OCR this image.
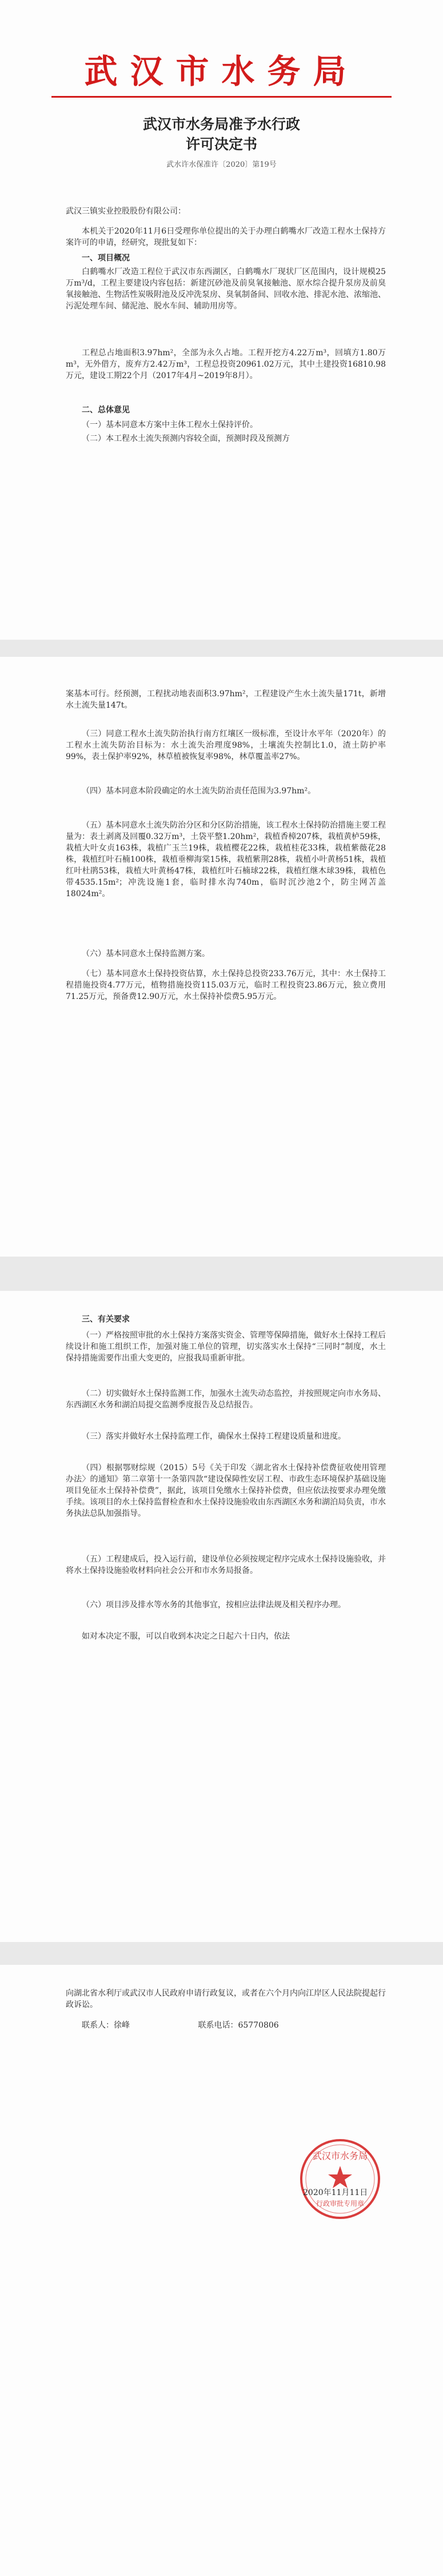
武汉市水务局
武汉市水务局准予水行政
许可决定书
武水许水保准许〔2020〕第19号
武汉三镇实业控股股份有限公司：
本机关于2020年11月6日受理你单位提出的关于办理白鹤嘴水厂改造工程水土保持方案许可的申请，经研究，现批复如下：
一、项目概况
白鹤嘴水厂改造工程位于武汉市东西湖区，白鹤嘴水厂现状厂区范围内，设计规模25万m³/d，工程主要建设内容包括：新建沉砂池及前臭氧接触池、原水综合提升泵房及前臭氧接触池、生物活性炭吸附池及反冲洗泵房、臭氧制备间、回收水池、排泥水池、浓缩池、污泥处理车间、储泥池、脱水车间、辅助用房等。
工程总占地面积3.97hm²，全部为永久占地。工程开挖方4.22万m³，回填方1.80万m³，无外借方，废弃方2.42万m³，工程总投资20961.02万元，其中土建投资16810.98万元，建设工期22个月（2017年4月~2019年8月）。
二、总体意见
（一）基本同意本方案中主体工程水土保持评价。
（二）本工程水土流失预测内容较全面，预测时段及预测方
案基本可行。经预测，工程扰动地表面积3.97hm²，工程建设产生水土流失量171t，新增水土流失量147t。
（三）同意工程水土流失防治执行南方红壤区一级标准，至设计水平年（2020年）的工程水土流失防治目标为：水土流失治理度98%，土壤流失控制比1.0，渣土防护率99%，表土保护率92%，林草植被恢复率98%，林草覆盖率27%。
（四）基本同意本阶段确定的水土流失防治责任范围为3.97hm²。
（五）基本同意水土流失防治分区和分区防治措施，该工程水土保持防治措施主要工程量为：表土剥离及回覆0.32万m³，土袋平整1.20hm²，栽植香樟207株，栽植黄栌59株，栽植大叶女贞163株，栽植广玉兰19株，栽植樱花22株，栽植桂花33株，栽植紫薇花28株，栽植红叶石楠100株，栽植垂柳海棠15株，栽植紫荆28株，栽植小叶黄杨51株，栽植红叶杜鹃53株，栽植大叶黄杨47株，栽植红叶石楠球22株，栽植红继木球39株，栽植色带4535.15m²；冲洗设施1套，临时排水沟740m，临时沉沙池2个，防尘网苫盖18024m²。
（六）基本同意水土保持监测方案。
（七）基本同意水土保持投资估算，水土保持总投资233.76万元，其中：水土保持工程措施投资4.77万元，植物措施投资115.03万元，临时工程投资23.86万元，独立费用71.25万元，预备费12.90万元，水土保持补偿费5.95万元。
三、有关要求
（一）严格按照审批的水土保持方案落实资金、管理等保障措施，做好水土保持工程后续设计和施工组织工作，加强对施工单位的管理，切实落实水土保持“三同时”制度，水土保持措施需要作出重大变更的，应报我局重新审批。
（二）切实做好水土保持监测工作，加强水土流失动态监控，并按照规定向市水务局、东西湖区水务和湖泊局提交监测季度报告及总结报告。
（三）落实并做好水土保持监理工作，确保水土保持工程建设质量和进度。
（四）根据鄂财综规（2015）5号《关于印发〈湖北省水土保持补偿费征收使用管理办法〉的通知》第二章第十一条第四款“建设保障性安居工程、市政生态环境保护基础设施项目免征水土保持补偿费”，据此，该项目免缴水土保持补偿费，但应依法按要求办理免缴手续。该项目的水土保持监督检查和水土保持设施验收由东西湖区水务和湖泊局负责，市水务执法总队加强指导。
（五）工程建成后，投入运行前，建设单位必须按规定程序完成水土保持设施验收，并将水土保持设施验收材料向社会公开和市水务局报备。
（六）项目涉及排水等水务的其他事宜，按相应法律法规及相关程序办理。
如对本决定不服，可以自收到本决定之日起六十日内，依法
向湖北省水利厅或武汉市人民政府申请行政复议，或者在六个月内向江岸区人民法院提起行政诉讼。
联系人：徐峰	联系电话：65770806
武汉市水务局
行政审批专用章
2020年11月11日
